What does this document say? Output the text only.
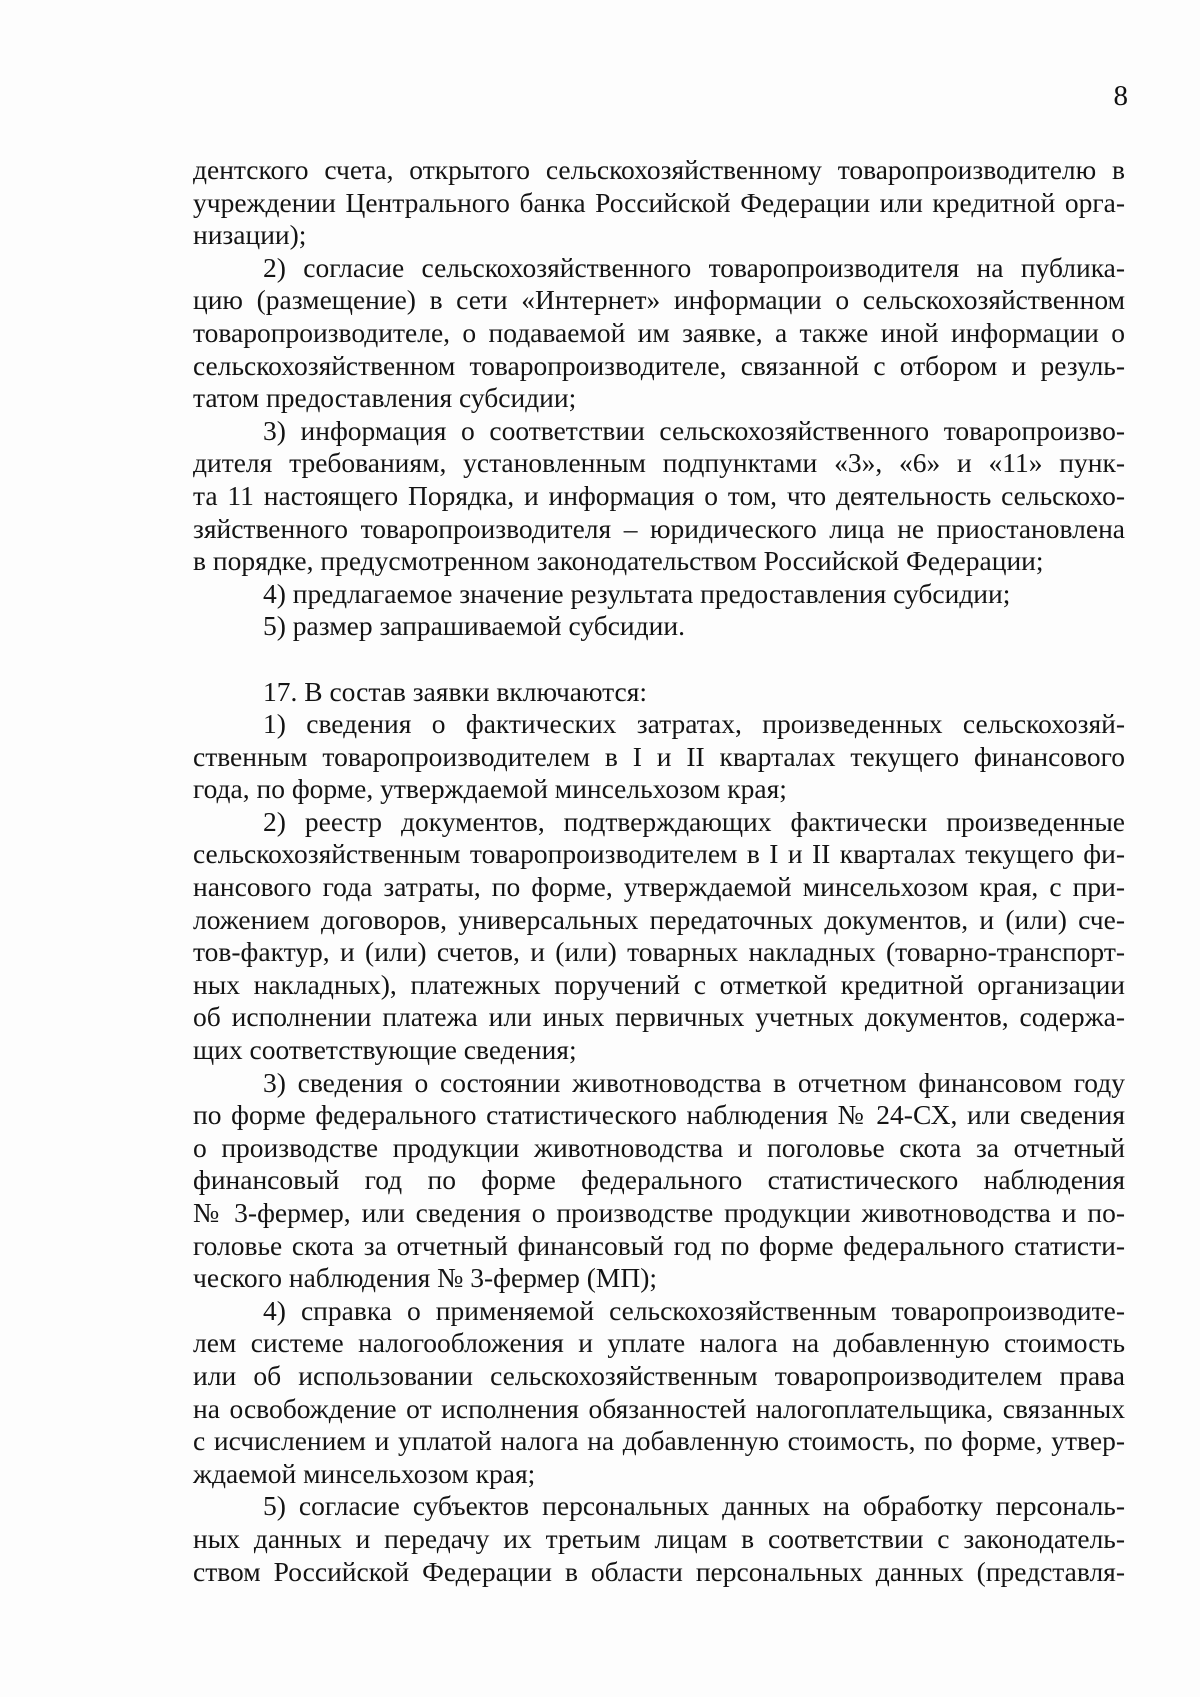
8
дентского счета, открытого сельскохозяйственному товаропроизводителю в
учреждении Центрального банка Российской Федерации или кредитной орга-
низации);
2) согласие сельскохозяйственного товаропроизводителя на публика-
цию (размещение) в сети «Интернет» информации о сельскохозяйственном
товаропроизводителе, о подаваемой им заявке, а также иной информации о
сельскохозяйственном товаропроизводителе, связанной с отбором и резуль-
татом предоставления субсидии;
3) информация о соответствии сельскохозяйственного товаропроизво-
дителя требованиям, установленным подпунктами «3», «6» и «11» пунк-
та 11 настоящего Порядка, и информация о том, что деятельность сельскохо-
зяйственного товаропроизводителя – юридического лица не приостановлена
в порядке, предусмотренном законодательством Российской Федерации;
4) предлагаемое значение результата предоставления субсидии;
5) размер запрашиваемой субсидии.
17. В состав заявки включаются:
1) сведения о фактических затратах, произведенных сельскохозяй-
ственным товаропроизводителем в I и II кварталах текущего финансового
года, по форме, утверждаемой минсельхозом края;
2) реестр документов, подтверждающих фактически произведенные
сельскохозяйственным товаропроизводителем в I и II кварталах текущего фи-
нансового года затраты, по форме, утверждаемой минсельхозом края, с при-
ложением договоров, универсальных передаточных документов, и (или) сче-
тов-фактур, и (или) счетов, и (или) товарных накладных (товарно-транспорт-
ных накладных), платежных поручений с отметкой кредитной организации
об исполнении платежа или иных первичных учетных документов, содержа-
щих соответствующие сведения;
3) сведения о состоянии животноводства в отчетном финансовом году
по форме федерального статистического наблюдения № 24-СХ, или сведения
о производстве продукции животноводства и поголовье скота за отчетный
финансовый год по форме федерального статистического наблюдения
№ 3-фермер, или сведения о производстве продукции животноводства и по-
головье скота за отчетный финансовый год по форме федерального статисти-
ческого наблюдения № 3-фермер (МП);
4) справка о применяемой сельскохозяйственным товаропроизводите-
лем системе налогообложения и уплате налога на добавленную стоимость
или об использовании сельскохозяйственным товаропроизводителем права
на освобождение от исполнения обязанностей налогоплательщика, связанных
с исчислением и уплатой налога на добавленную стоимость, по форме, утвер-
ждаемой минсельхозом края;
5) согласие субъектов персональных данных на обработку персональ-
ных данных и передачу их третьим лицам в соответствии с законодатель-
ством Российской Федерации в области персональных данных (представля-
